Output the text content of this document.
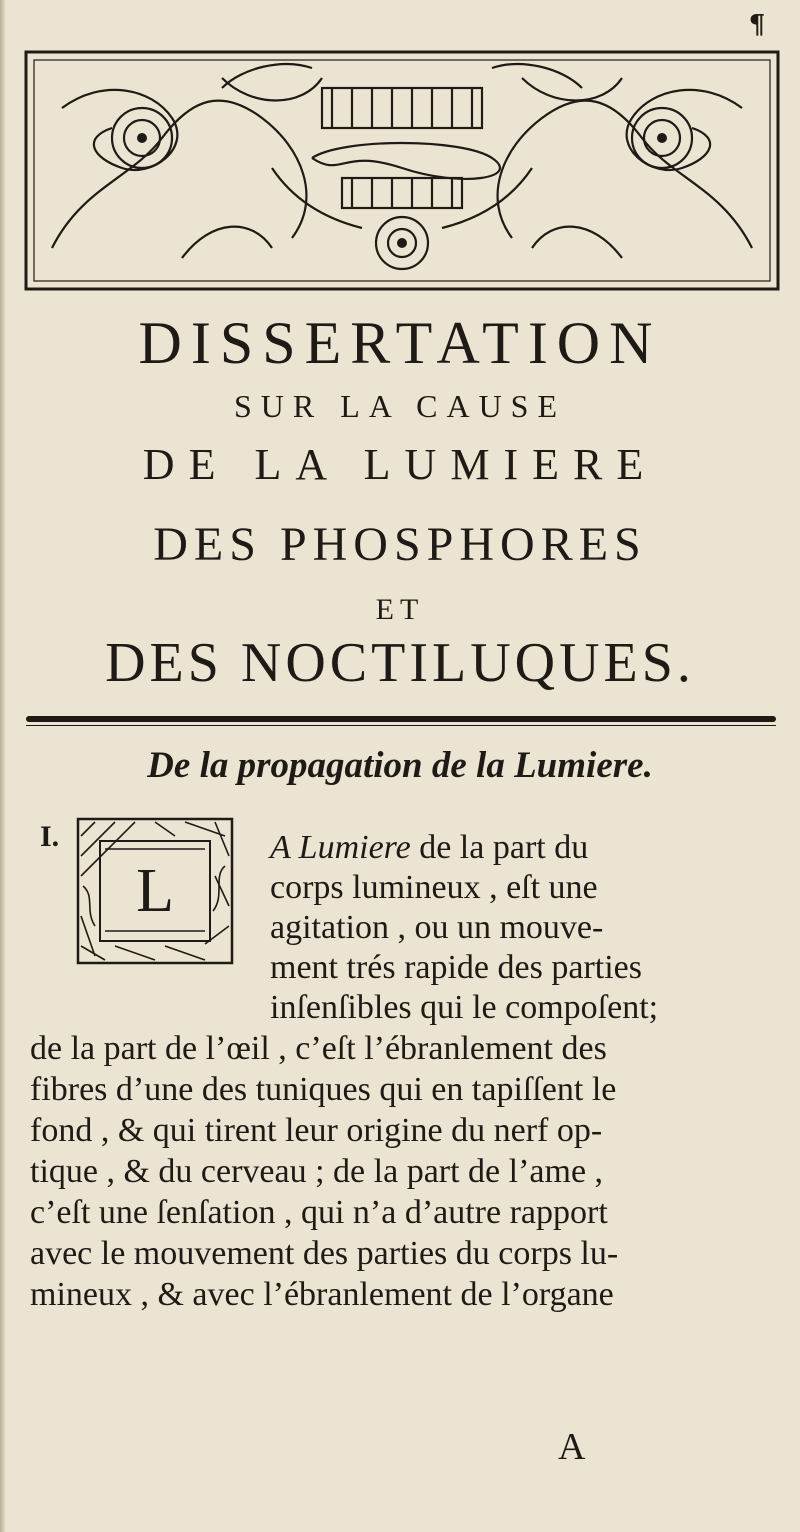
¶
DISSERTATION
SUR LA CAUSE
DE LA LUMIERE
DES PHOSPHORES
ET
DES NOCTILUQUES.
De la propagation de la Lumiere.
I.
L

A Lumiere de la part du

corps lumineux , eſt une

agitation , ou un mouve-

ment trés rapide des parties

inſenſibles qui le compoſent;

de la part de l’œil , c’eſt l’ébranlement des

fibres d’une des tuniques qui en tapiſſent le

fond , & qui tirent leur origine du nerf op-

tique , & du cerveau ; de la part de l’ame ,

c’eſt une ſenſation , qui n’a d’autre rapport

avec le mouvement des parties du corps lu-

mineux , & avec l’ébranlement de l’organe

A
